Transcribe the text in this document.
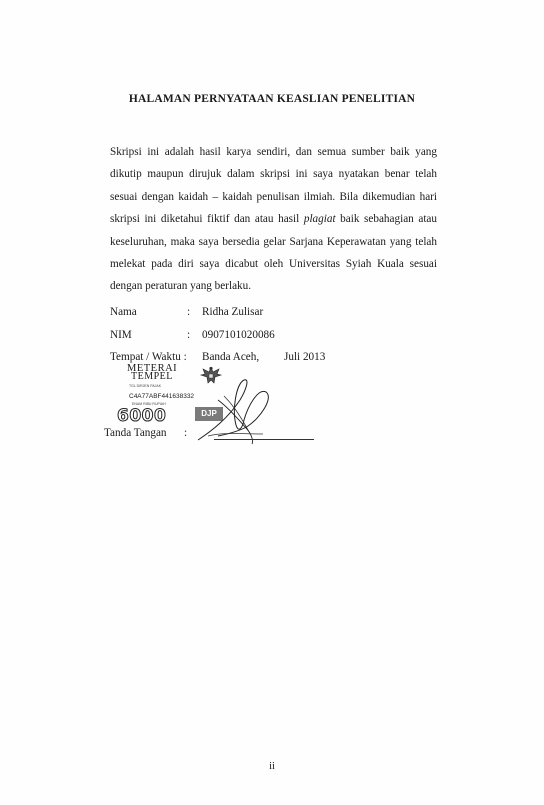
HALAMAN PERNYATAAN KEASLIAN PENELITIAN
Skripsi ini adalah hasil karya sendiri, dan semua sumber baik yang dikutip maupun dirujuk dalam skripsi ini saya nyatakan benar telah sesuai dengan kaidah – kaidah penulisan ilmiah. Bila dikemudian hari skripsi ini diketahui fiktif dan atau hasil plagiat baik sebahagian atau keseluruhan, maka saya bersedia gelar Sarjana Keperawatan yang telah melekat pada diri saya dicabut oleh Universitas Syiah Kuala sesuai dengan peraturan yang berlaku.
Nama	: Ridha Zulisar
NIM	: 0907101020086
Tempat / Waktu : Banda Aceh, Juli 2013
METERAI
TEMPEL
TGL DIRJEN PAJAK
C4A77ABF441638332
ENAM RIBU RUPIAH
6000	DJP
Tanda Tangan :
ii
